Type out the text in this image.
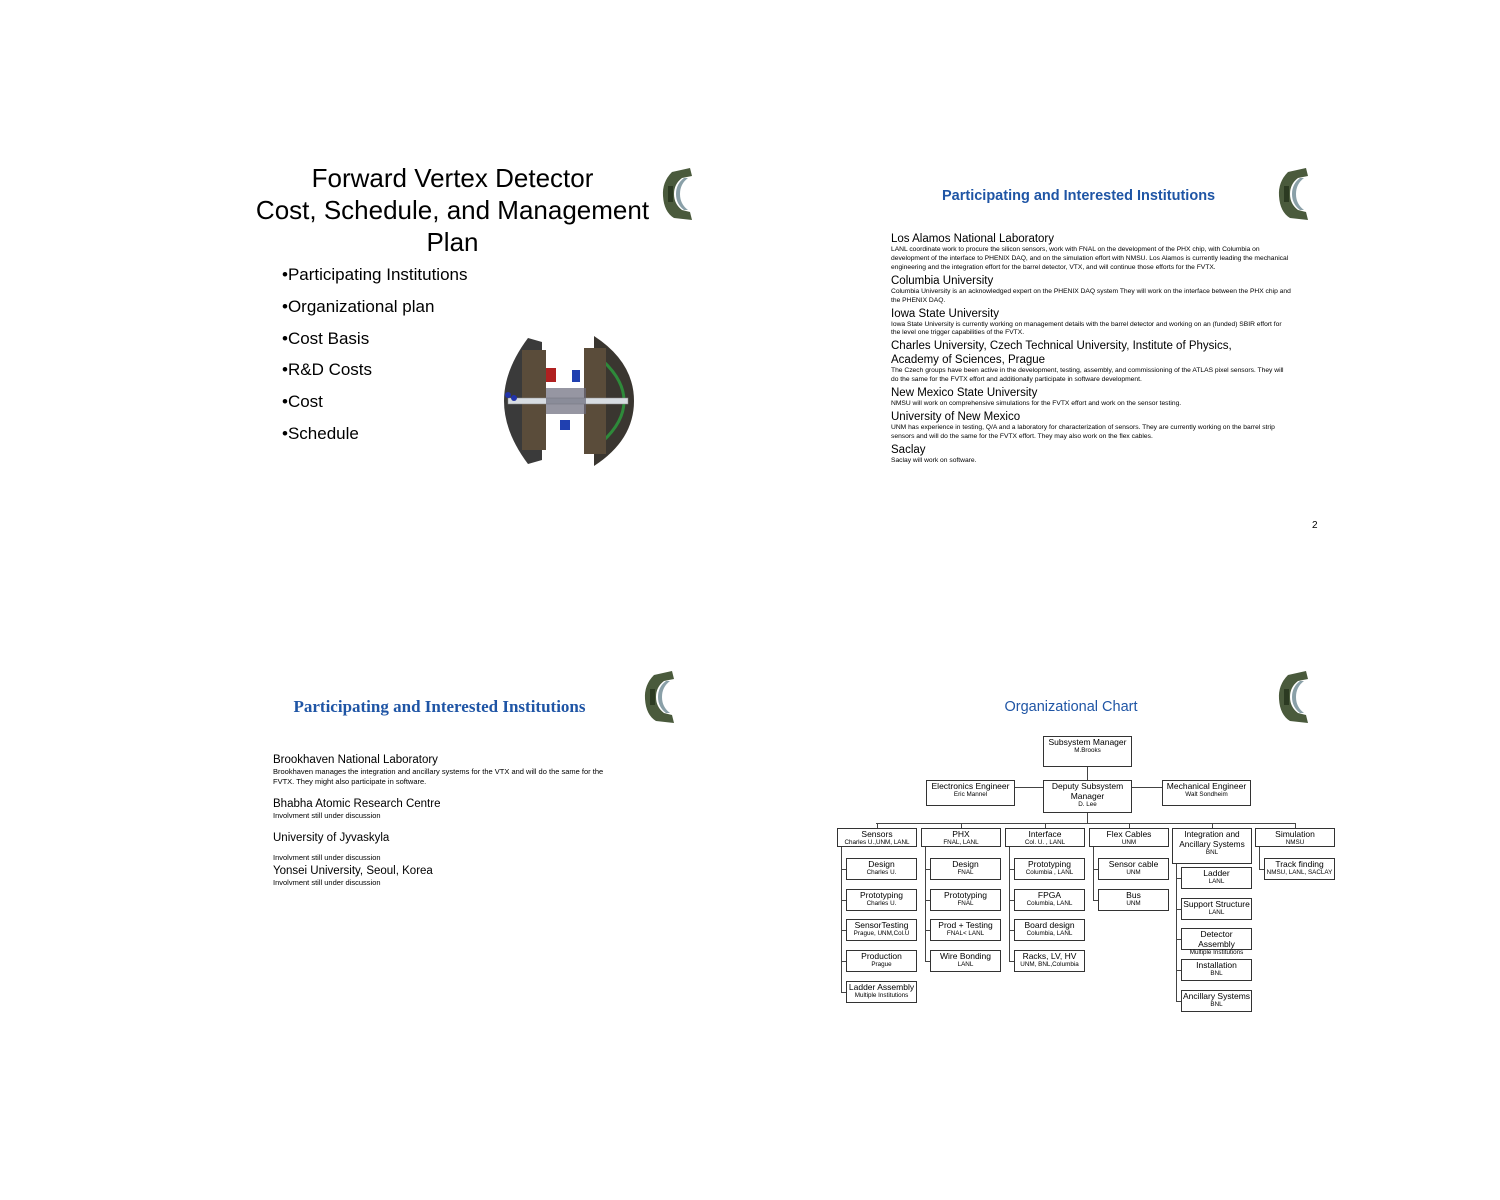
Forward Vertex Detector
Cost, Schedule, and Management
Plan
• Participating Institutions
• Organizational plan
• Cost Basis
• R&D Costs
• Cost
• Schedule
Participating and Interested Institutions
Los Alamos National Laboratory
LANL coordinate work to procure the silicon sensors, work with FNAL on the development of the PHX chip, with Columbia on development of the interface to PHENIX DAQ, and on the simulation effort with NMSU. Los Alamos is currently leading the mechanical engineering and the integration effort for the barrel detector, VTX, and will continue those efforts for the FVTX.
Columbia University
Columbia University is an acknowledged expert on the PHENIX DAQ system They will work on the interface between the PHX chip and the PHENIX DAQ.
Iowa State University
Iowa State University is currently working on management details with the barrel detector and working on an (funded) SBIR effort for the level one trigger capabilities of the FVTX.
Charles University, Czech Technical University, Institute of Physics, Academy of Sciences, Prague
The Czech groups have been active in the development, testing, assembly, and commissioning of the ATLAS pixel sensors. They will do the same for the FVTX effort and additionally participate in software development.
New Mexico State University
NMSU will work on comprehensive simulations for the FVTX effort and work on the sensor testing.
University of New Mexico
UNM has experience in testing, Q/A and a laboratory for characterization of sensors. They are currently working on the barrel strip sensors and will do the same for the FVTX effort. They may also work on the flex cables.
Saclay
Saclay will work on software.
2
Participating and Interested Institutions
Brookhaven National Laboratory
Brookhaven manages the integration and ancillary systems for the VTX and will do the same for the FVTX. They might also participate in software.
Bhabha Atomic Research Centre
Involvment still under discussion
University of Jyvaskyla
Involvment still under discussion
Yonsei University, Seoul, Korea
Involvment still under discussion
Organizational Chart
Subsystem Manager
M.Brooks
Deputy Subsystem Manager
D. Lee
Electronics Engineer
Eric Mannel
Mechanical Engineer
Walt Sondheim
Sensors
Charles U.,UNM, LANL
Design
Charles U.
Prototyping
Charles U.
SensorTesting
Prague, UNM,Col.U
Production
Prague
Ladder Assembly
Multiple Institutions
PHX
FNAL, LANL
Design
FNAL
Prototyping
FNAL
Prod + Testing
FNAL< LANL
Wire Bonding
LANL
Interface
Col. U. , LANL
Prototyping
Columbia , LANL
FPGA
Columbia, LANL
Board design
Columbia, LANL
Racks, LV, HV
UNM, BNL,Columbia
Flex Cables
UNM
Sensor cable
UNM
Bus
UNM
Integration and Ancillary Systems
BNL
Ladder
LANL
Support Structure
LANL
Detector Assembly
Multiple Institutions
Installation
BNL
Ancillary Systems
BNL
Simulation
NMSU
Track finding
NMSU, LANL, SACLAY
